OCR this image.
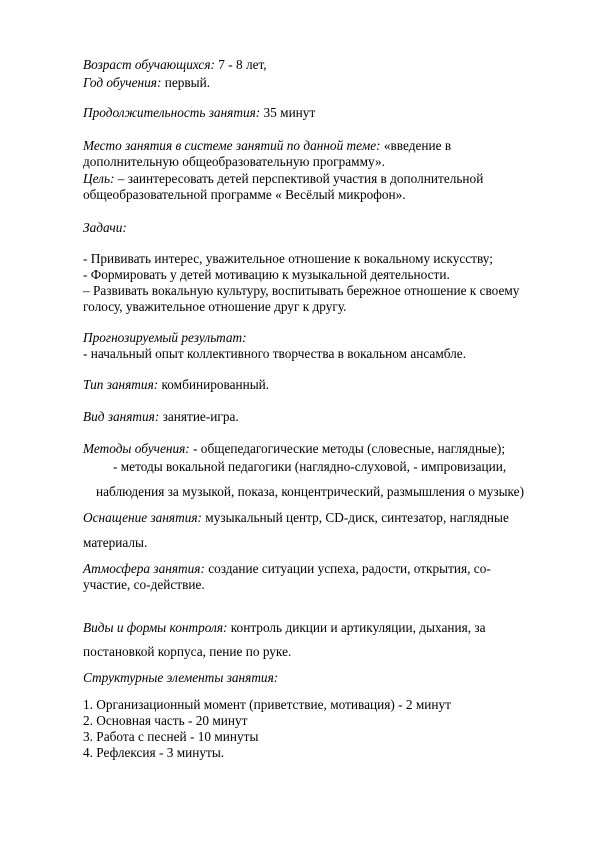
Возраст обучающихся: 7 - 8 лет,
Год обучения: первый.
Продолжительность занятия: 35 минут
Место занятия в системе занятий по данной теме: «введение в
дополнительную общеобразовательную программу».
Цель: – заинтересовать детей перспективой участия в дополнительной
общеобразовательной программе « Весёлый микрофон».
Задачи:
- Прививать интерес, уважительное отношение к вокальному искусству;
- Формировать у детей мотивацию к музыкальной деятельности.
– Развивать вокальную культуру, воспитывать бережное отношение к своему
голосу, уважительное отношение друг к другу.
Прогнозируемый результат:
- начальный опыт коллективного творчества в вокальном ансамбле.
Тип занятия: комбинированный.
Вид занятия: занятие-игра.
Методы обучения: - общепедагогические методы (словесные, наглядные);
- методы вокальной педагогики (наглядно-слуховой, - импровизации,
наблюдения за музыкой, показа, концентрический, размышления о музыке)
Оснащение занятия: музыкальный центр, CD-диск, синтезатор, наглядные
материалы.
Атмосфера занятия: создание ситуации успеха, радости, открытия, со-
участие, со-действие.
Виды и формы контроля: контроль дикции и артикуляции, дыхания, за
постановкой корпуса, пение по руке.
Структурные элементы занятия:
1. Организационный момент (приветствие, мотивация) - 2 минут
2. Основная часть - 20 минут
3. Работа с песней - 10 минуты
4. Рефлексия - 3 минуты.
